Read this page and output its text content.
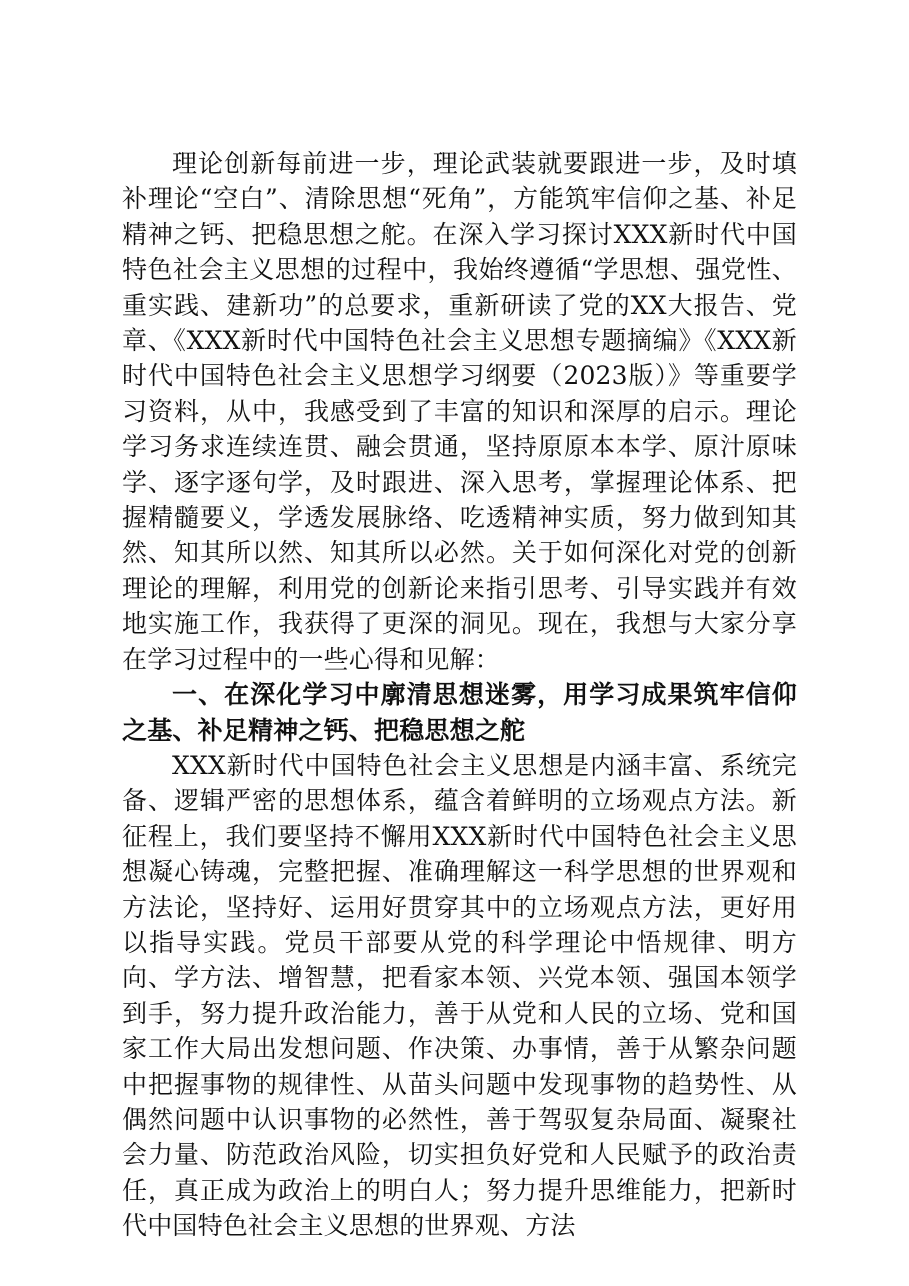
理论创新每前进一步，理论武装就要跟进一步，及时填补理论“空白”、清除思想“死角”，方能筑牢信仰之基、补足精神之钙、把稳思想之舵。在深入学习探讨XXX新时代中国特色社会主义思想的过程中，我始终遵循“学思想、强党性、重实践、建新功”的总要求，重新研读了党的XX大报告、党章、《XXX新时代中国特色社会主义思想专题摘编》《XXX新时代中国特色社会主义思想学习纲要（2023版）》等重要学习资料，从中，我感受到了丰富的知识和深厚的启示。理论学习务求连续连贯、融会贯通，坚持原原本本学、原汁原味学、逐字逐句学，及时跟进、深入思考，掌握理论体系、把握精髓要义，学透发展脉络、吃透精神实质，努力做到知其然、知其所以然、知其所以必然。关于如何深化对党的创新理论的理解，利用党的创新论来指引思考、引导实践并有效地实施工作，我获得了更深的洞见。现在，我想与大家分享在学习过程中的一些心得和见解：

一、在深化学习中廓清思想迷雾，用学习成果筑牢信仰之基、补足精神之钙、把稳思想之舵

XXX新时代中国特色社会主义思想是内涵丰富、系统完备、逻辑严密的思想体系，蕴含着鲜明的立场观点方法。新征程上，我们要坚持不懈用XXX新时代中国特色社会主义思想凝心铸魂，完整把握、准确理解这一科学思想的世界观和方法论，坚持好、运用好贯穿其中的立场观点方法，更好用以指导实践。党员干部要从党的科学理论中悟规律、明方向、学方法、增智慧，把看家本领、兴党本领、强国本领学到手，努力提升政治能力，善于从党和人民的立场、党和国家工作大局出发想问题、作决策、办事情，善于从繁杂问题中把握事物的规律性、从苗头问题中发现事物的趋势性、从偶然问题中认识事物的必然性，善于驾驭复杂局面、凝聚社会力量、防范政治风险，切实担负好党和人民赋予的政治责任，真正成为政治上的明白人；努力提升思维能力，把新时代中国特色社会主义思想的世界观、方法
